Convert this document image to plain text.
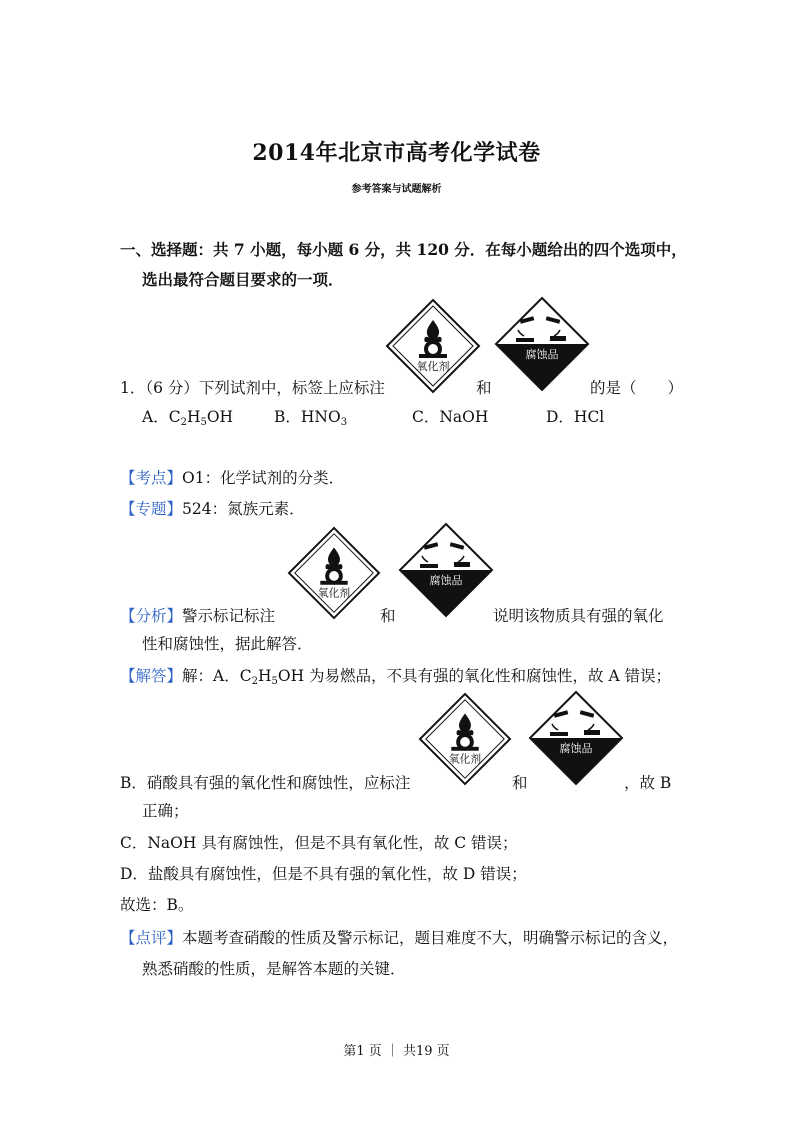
2014年北京市高考化学试卷
参考答案与试题解析
一、选择题：共 7 小题，每小题 6 分，共 120 分．在每小题给出的四个选项中，
选出最符合题目要求的一项．
1．（6 分）下列试剂中，标签上应标注	和	的是（　　）
氧化剂
腐蚀品
A．$C_2H_5OH$	B．$HNO_3$	C．NaOH	D．HCl
【考点】O1：化学试剂的分类．
【专题】524：氮族元素．
氧化剂
腐蚀品
【分析】警示标记标注	和	说明该物质具有强的氧化
性和腐蚀性，据此解答．
【解答】解：A．$C_2H_5OH$ 为易燃品，不具有强的氧化性和腐蚀性，故 A 错误；
氧化剂
腐蚀品
B．硝酸具有强的氧化性和腐蚀性，应标注	和	，故 B
正确；
C．NaOH 具有腐蚀性，但是不具有氧化性，故 C 错误；
D．盐酸具有腐蚀性，但是不具有强的氧化性，故 D 错误；
故选：B。
【点评】本题考查硝酸的性质及警示标记，题目难度不大，明确警示标记的含义，
熟悉硝酸的性质，是解答本题的关键．
第1 页 ｜ 共19 页
